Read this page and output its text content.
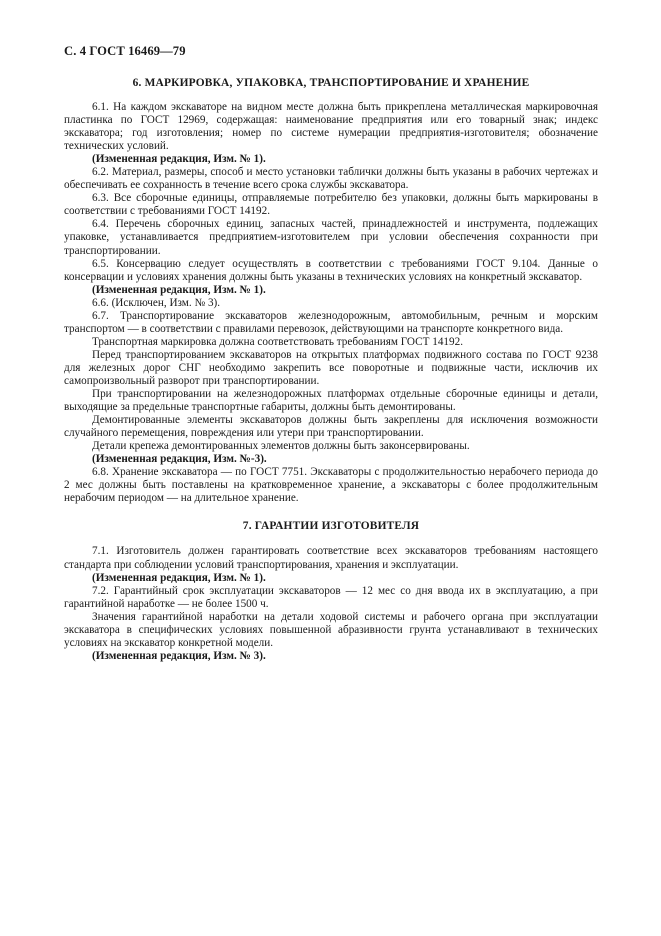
С. 4 ГОСТ 16469—79
6. МАРКИРОВКА, УПАКОВКА, ТРАНСПОРТИРОВАНИЕ И ХРАНЕНИЕ

6.1. На каждом экскаваторе на видном месте должна быть прикреплена металлическая маркировочная пластинка по ГОСТ 12969, содержащая: наименование предприятия или его товарный знак; индекс экскаватора; год изготовления; номер по системе нумерации предприятия-изготовителя; обозначение технических условий.

(Измененная редакция, Изм. № 1).

6.2. Материал, размеры, способ и место установки таблички должны быть указаны в рабочих чертежах и обеспечивать ее сохранность в течение всего срока службы экскаватора.

6.3. Все сборочные единицы, отправляемые потребителю без упаковки, должны быть маркированы в соответствии с требованиями ГОСТ 14192.

6.4. Перечень сборочных единиц, запасных частей, принадлежностей и инструмента, подлежащих упаковке, устанавливается предприятием-изготовителем при условии обеспечения сохранности при транспортировании.

6.5. Консервацию следует осуществлять в соответствии с требованиями ГОСТ 9.104. Данные о консервации и условиях хранения должны быть указаны в технических условиях на конкретный экскаватор.

(Измененная редакция, Изм. № 1).

6.6. (Исключен, Изм. № 3).

6.7. Транспортирование экскаваторов железнодорожным, автомобильным, речным и морским транспортом — в соответствии с правилами перевозок, действующими на транспорте конкретного вида.

Транспортная маркировка должна соответствовать требованиям ГОСТ 14192.

Перед транспортированием экскаваторов на открытых платформах подвижного состава по ГОСТ 9238 для железных дорог СНГ необходимо закрепить все поворотные и подвижные части, исключив их самопроизвольный разворот при транспортировании.

При транспортировании на железнодорожных платформах отдельные сборочные единицы и детали, выходящие за предельные транспортные габариты, должны быть демонтированы.

Демонтированные элементы экскаваторов должны быть закреплены для исключения возможности случайного перемещения, повреждения или утери при транспортировании.

Детали крепежа демонтированных элементов должны быть законсервированы.

(Измененная редакция, Изм. №-3).

6.8. Хранение экскаватора — по ГОСТ 7751. Экскаваторы с продолжительностью нерабочего периода до 2 мес должны быть поставлены на кратковременное хранение, а экскаваторы с более продолжительным нерабочим периодом — на длительное хранение.

7. ГАРАНТИИ ИЗГОТОВИТЕЛЯ

7.1. Изготовитель должен гарантировать соответствие всех экскаваторов требованиям настоящего стандарта при соблюдении условий транспортирования, хранения и эксплуатации.

(Измененная редакция, Изм. № 1).

7.2. Гарантийный срок эксплуатации экскаваторов — 12 мес со дня ввода их в эксплуатацию, а при гарантийной наработке — не более 1500 ч.

Значения гарантийной наработки на детали ходовой системы и рабочего органа при эксплуатации экскаватора в специфических условиях повышенной абразивности грунта устанавливают в технических условиях на экскаватор конкретной модели.

(Измененная редакция, Изм. № 3).
